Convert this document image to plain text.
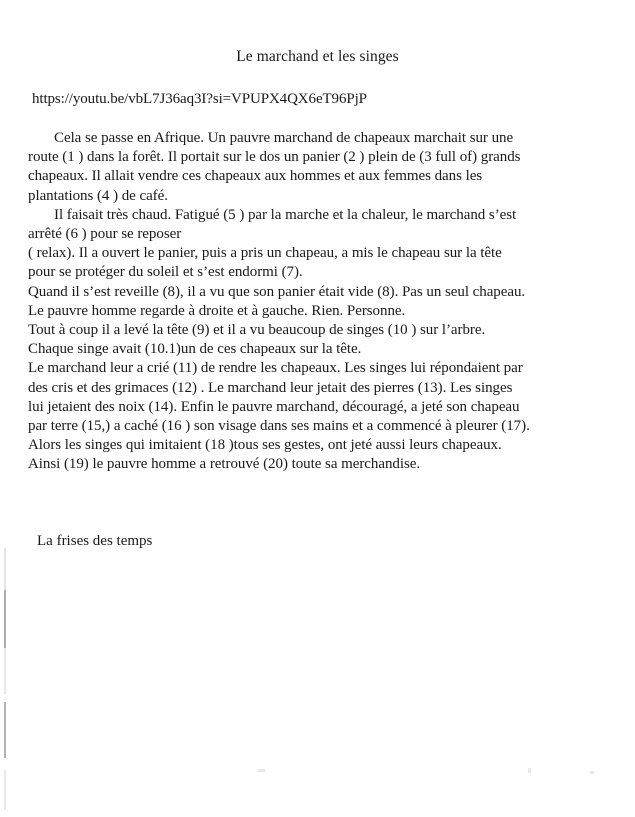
Le marchand et les singes
https://youtu.be/vbL7J36aq3I?si=VPUPX4QX6eT96PjP
Cela se passe en Afrique. Un pauvre marchand de chapeaux marchait sur une
route (1 ) dans la forêt. Il portait sur le dos un panier (2 ) plein de (3 full of) grands
chapeaux. Il allait vendre ces chapeaux aux hommes et aux femmes dans les
plantations (4 ) de café.
Il faisait très chaud. Fatigué (5 ) par la marche et la chaleur, le marchand s’est
arrêté (6 ) pour se reposer
( relax). Il a ouvert le panier, puis a pris un chapeau, a mis le chapeau sur la tête
pour se protéger du soleil et s’est endormi (7).
Quand il s’est reveille (8), il a vu que son panier était vide (8). Pas un seul chapeau.
Le pauvre homme regarde à droite et à gauche. Rien. Personne.
Tout à coup il a levé la tête (9) et il a vu beaucoup de singes (10 ) sur l’arbre.
Chaque singe avait (10.1)un de ces chapeaux sur la tête.
Le marchand leur a crié (11) de rendre les chapeaux. Les singes lui répondaient par
des cris et des grimaces (12) . Le marchand leur jetait des pierres (13). Les singes
lui jetaient des noix (14). Enfin le pauvre marchand, découragé, a jeté son chapeau
par terre (15,) a caché (16 ) son visage dans ses mains et a commencé à pleurer (17).
Alors les singes qui imitaient (18 )tous ses gestes, ont jeté aussi leurs chapeaux.
Ainsi (19) le pauvre homme a retrouvé (20) toute sa merchandise.
La frises des temps
